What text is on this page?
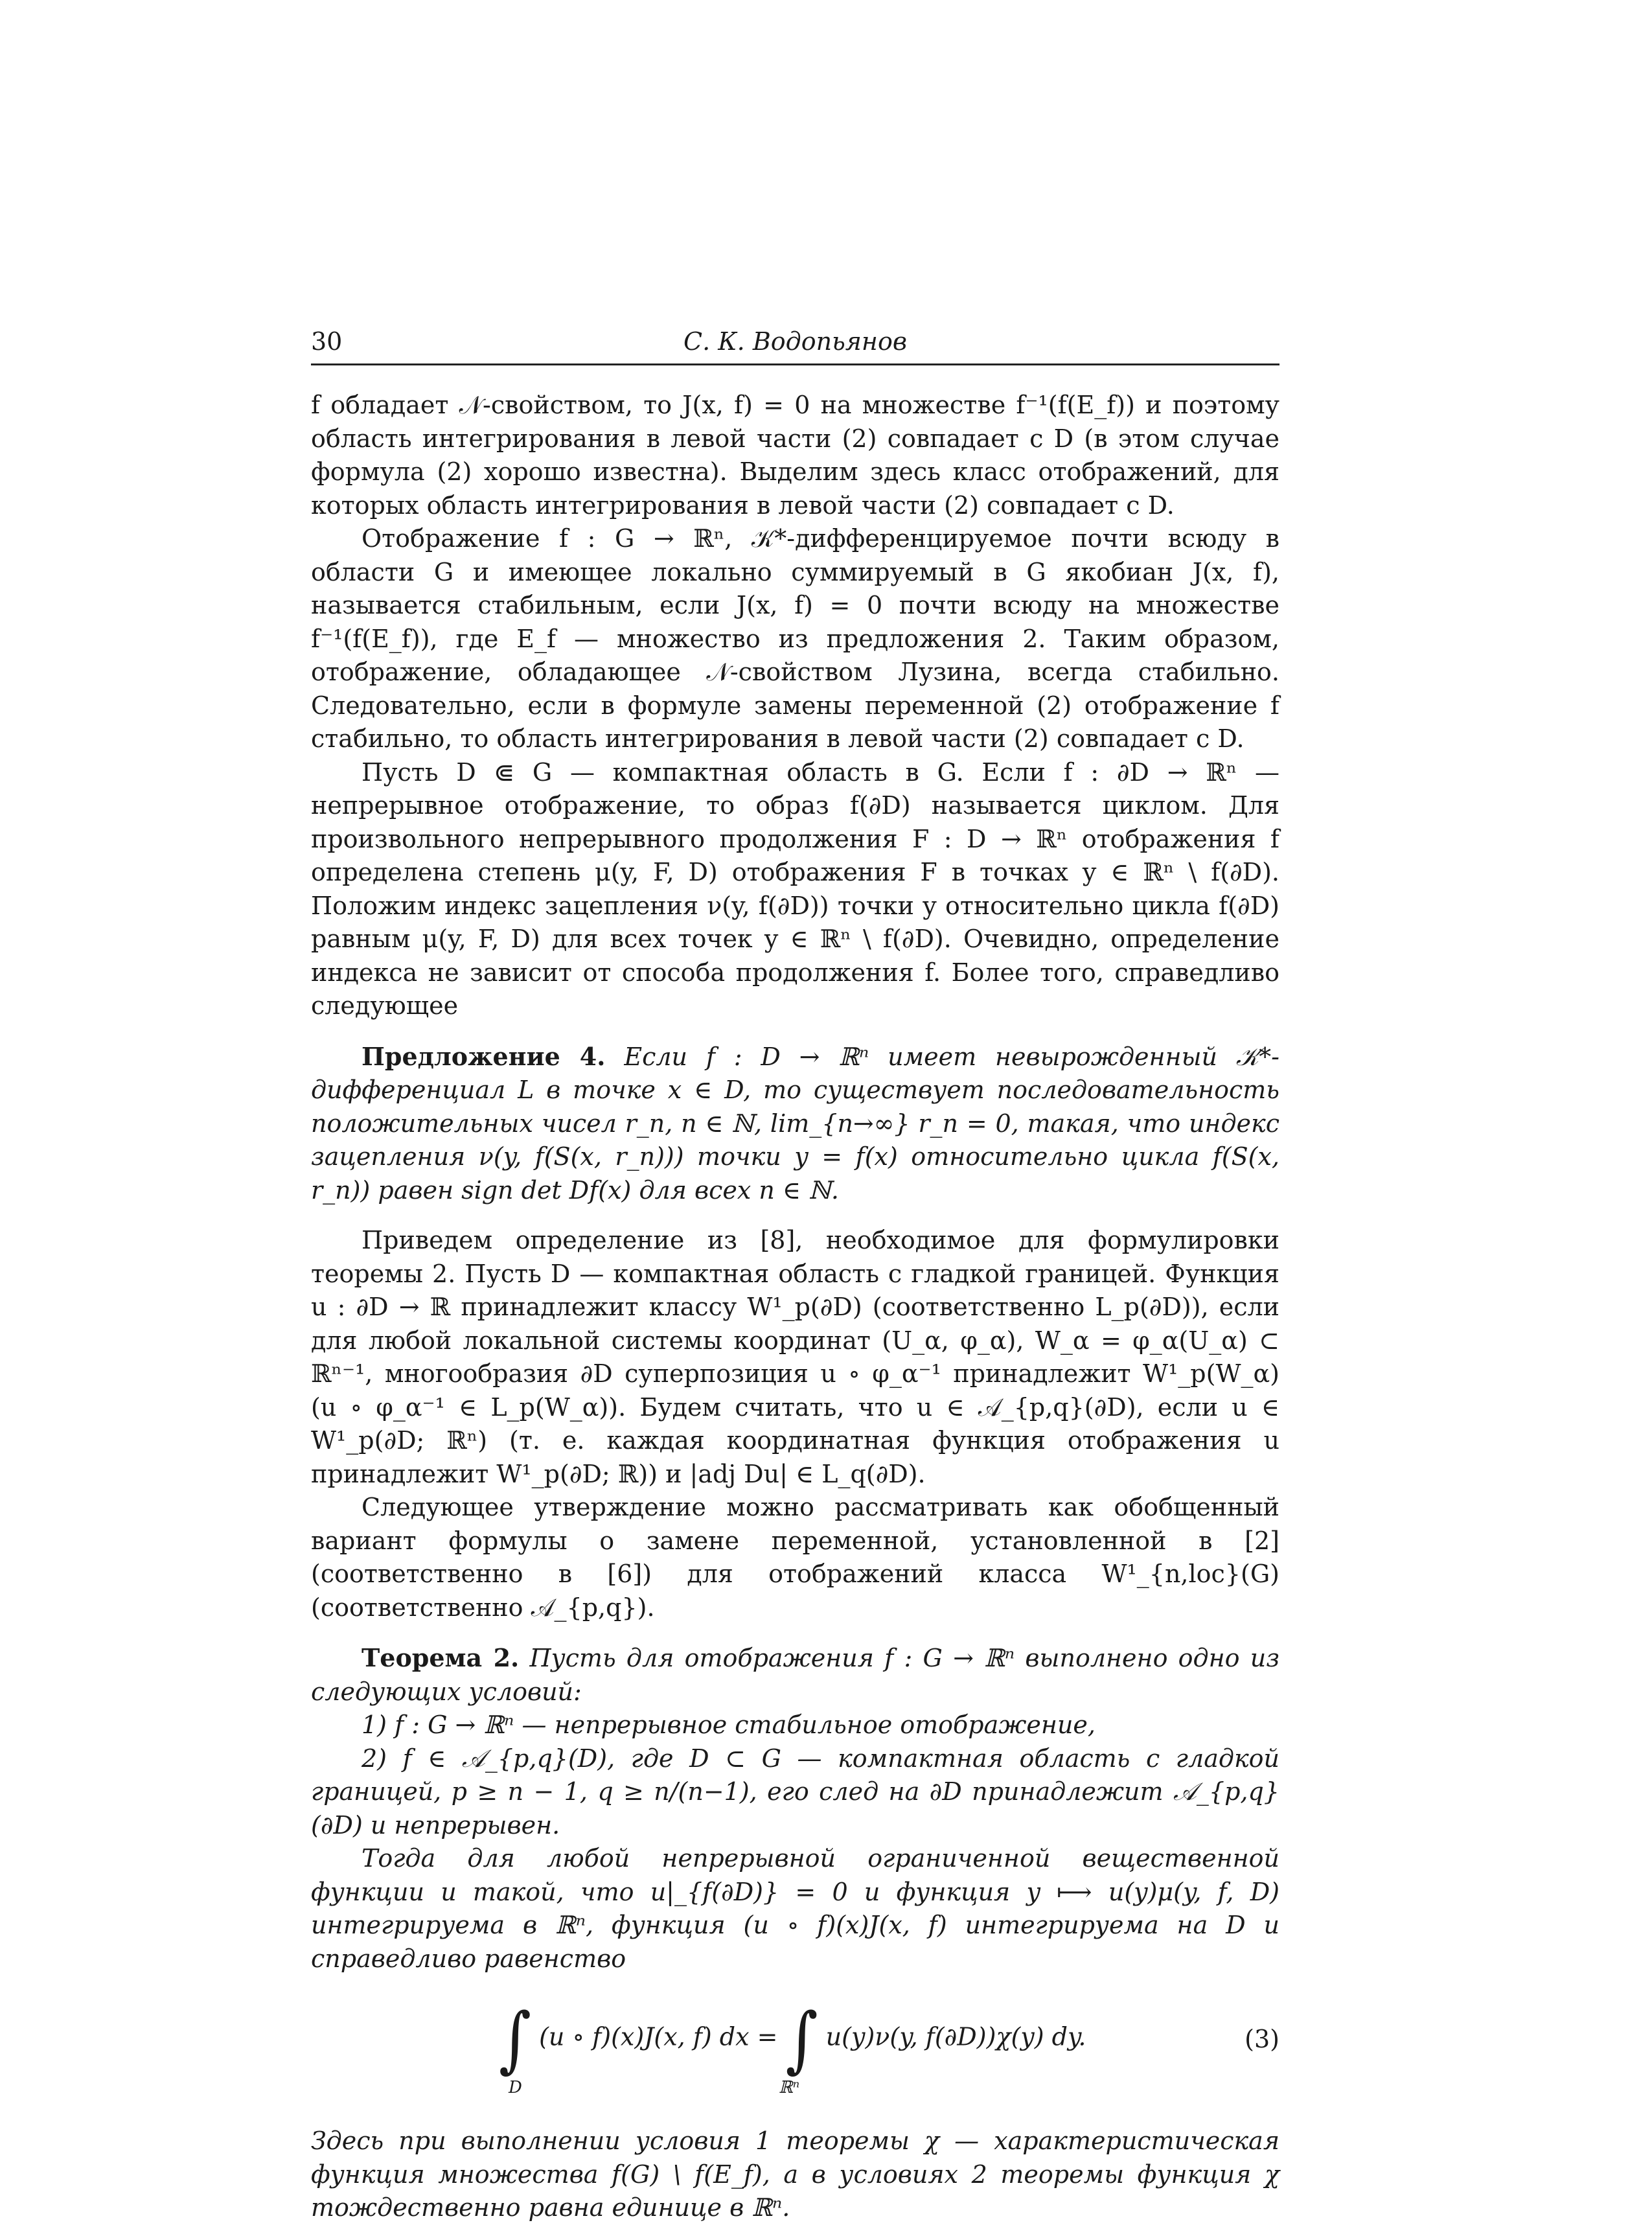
30	С. К. Водопьянов

f обладает 𝒩-свойством, то J(x, f) = 0 на множестве f⁻¹(f(E_f)) и поэтому область интегрирования в левой части (2) совпадает с D (в этом случае формула (2) хорошо известна). Выделим здесь класс отображений, для которых область интегрирования в левой части (2) совпадает с D.

Отображение f : G → ℝⁿ, 𝒦*-дифференцируемое почти всюду в области G и имеющее локально суммируемый в G якобиан J(x, f), называется стабильным, если J(x, f) = 0 почти всюду на множестве f⁻¹(f(E_f)), где E_f — множество из предложения 2. Таким образом, отображение, обладающее 𝒩-свойством Лузина, всегда стабильно. Следовательно, если в формуле замены переменной (2) отображение f стабильно, то область интегрирования в левой части (2) совпадает с D.

Пусть D ⋐ G — компактная область в G. Если f : ∂D → ℝⁿ — непрерывное отображение, то образ f(∂D) называется циклом. Для произвольного непрерывного продолжения F : D → ℝⁿ отображения f определена степень μ(y, F, D) отображения F в точках y ∈ ℝⁿ \ f(∂D). Положим индекс зацепления ν(y, f(∂D)) точки y относительно цикла f(∂D) равным μ(y, F, D) для всех точек y ∈ ℝⁿ \ f(∂D). Очевидно, определение индекса не зависит от способа продолжения f. Более того, справедливо следующее

Предложение 4. Если f : D → ℝⁿ имеет невырожденный 𝒦*-дифференциал L в точке x ∈ D, то существует последовательность положительных чисел r_n, n ∈ ℕ, lim_{n→∞} r_n = 0, такая, что индекс зацепления ν(y, f(S(x, r_n))) точки y = f(x) относительно цикла f(S(x, r_n)) равен sign det Df(x) для всех n ∈ ℕ.

Приведем определение из [8], необходимое для формулировки теоремы 2. Пусть D — компактная область с гладкой границей. Функция u : ∂D → ℝ принадлежит классу W¹_p(∂D) (соответственно L_p(∂D)), если для любой локальной системы координат (U_α, φ_α), W_α = φ_α(U_α) ⊂ ℝⁿ⁻¹, многообразия ∂D суперпозиция u ∘ φ_α⁻¹ принадлежит W¹_p(W_α) (u ∘ φ_α⁻¹ ∈ L_p(W_α)). Будем считать, что u ∈ 𝒜_{p,q}(∂D), если u ∈ W¹_p(∂D; ℝⁿ) (т. е. каждая координатная функция отображения u принадлежит W¹_p(∂D; ℝ)) и |adj Du| ∈ L_q(∂D).

Следующее утверждение можно рассматривать как обобщенный вариант формулы о замене переменной, установленной в [2] (соответственно в [6]) для отображений класса W¹_{n,loc}(G) (соответственно 𝒜_{p,q}).

Теорема 2. Пусть для отображения f : G → ℝⁿ выполнено одно из следующих условий:

1) f : G → ℝⁿ — непрерывное стабильное отображение,

2) f ∈ 𝒜_{p,q}(D), где D ⊂ G — компактная область с гладкой границей, p ≥ n − 1, q ≥ n/(n−1), его след на ∂D принадлежит 𝒜_{p,q}(∂D) и непрерывен.

Тогда для любой непрерывной ограниченной вещественной функции u такой, что u|_{f(∂D)} = 0 и функция y ⟼ u(y)μ(y, f, D) интегрируема в ℝⁿ, функция (u ∘ f)(x)J(x, f) интегрируема на D и справедливо равенство

∫ (u ∘ f)(x)J(x, f) dx = ∫ u(y)ν(y, f(∂D))χ(y) dy.
D	ℝⁿ
(3)

Здесь при выполнении условия 1 теоремы χ — характеристическая функция множества f(G) \ f(E_f), а в условиях 2 теоремы функция χ тождественно равна единице в ℝⁿ.
